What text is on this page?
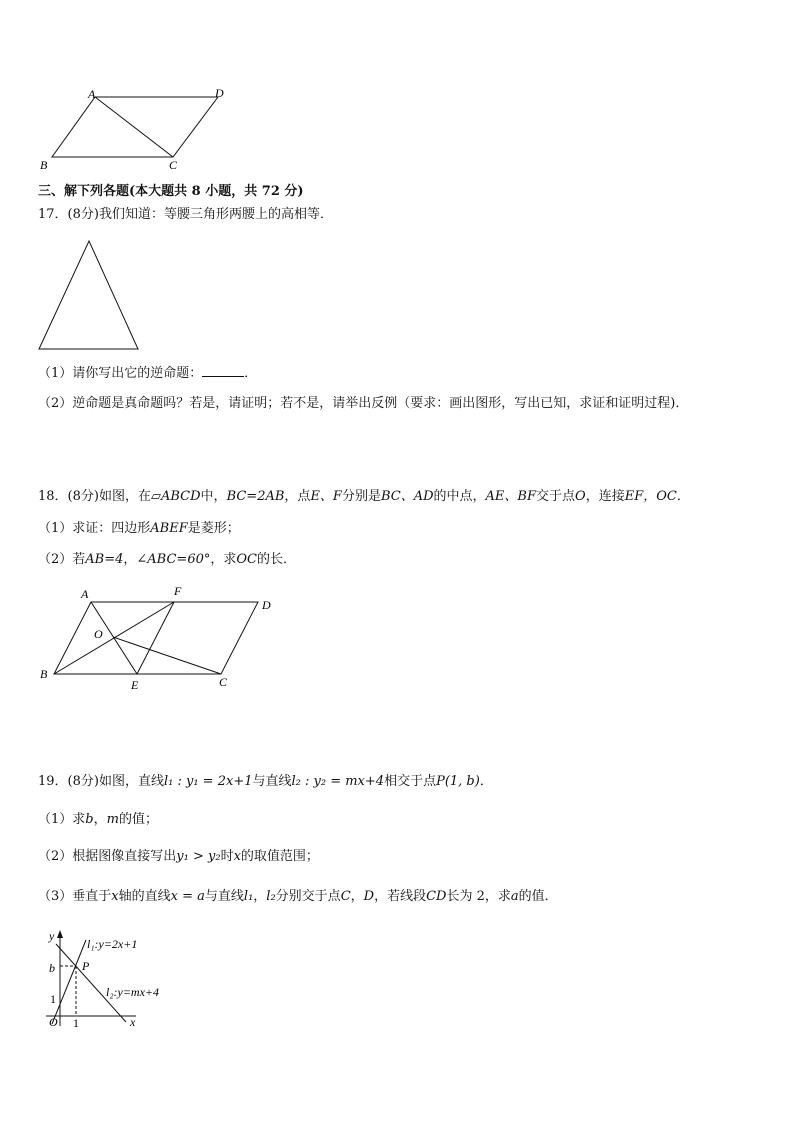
A	D
B	C
三、解下列各题(本大题共 8 小题，共 72 分)
17．(8分)我们知道：等腰三角形两腰上的高相等．
（1）请你写出它的逆命题：	．
（2）逆命题是真命题吗？若是，请证明；若不是，请举出反例（要求：画出图形，写出已知，求证和证明过程)．
18．(8分)如图，在▱ABCD中，BC=2AB，点E、F分别是BC、AD的中点，AE、BF交于点O，连接EF，OC．
（1）求证：四边形ABEF是菱形；
（2）若AB=4，∠ABC=60°，求OC的长．
A	F
D
O
B
E	C
19．(8分)如图，直线l₁ : y₁ = 2x+1与直线l₂ : y₂ = mx+4相交于点P(1, b)．
（1）求b，m的值；
（2）根据图像直接写出y₁ > y₂时x的取值范围；
（3）垂直于x轴的直线x = a与直线l₁，l₂分别交于点C，D，若线段CD长为 2，求a的值．
y
x
O
b
1
1
P
l₁:y=2x+1
l₂:y=mx+4
